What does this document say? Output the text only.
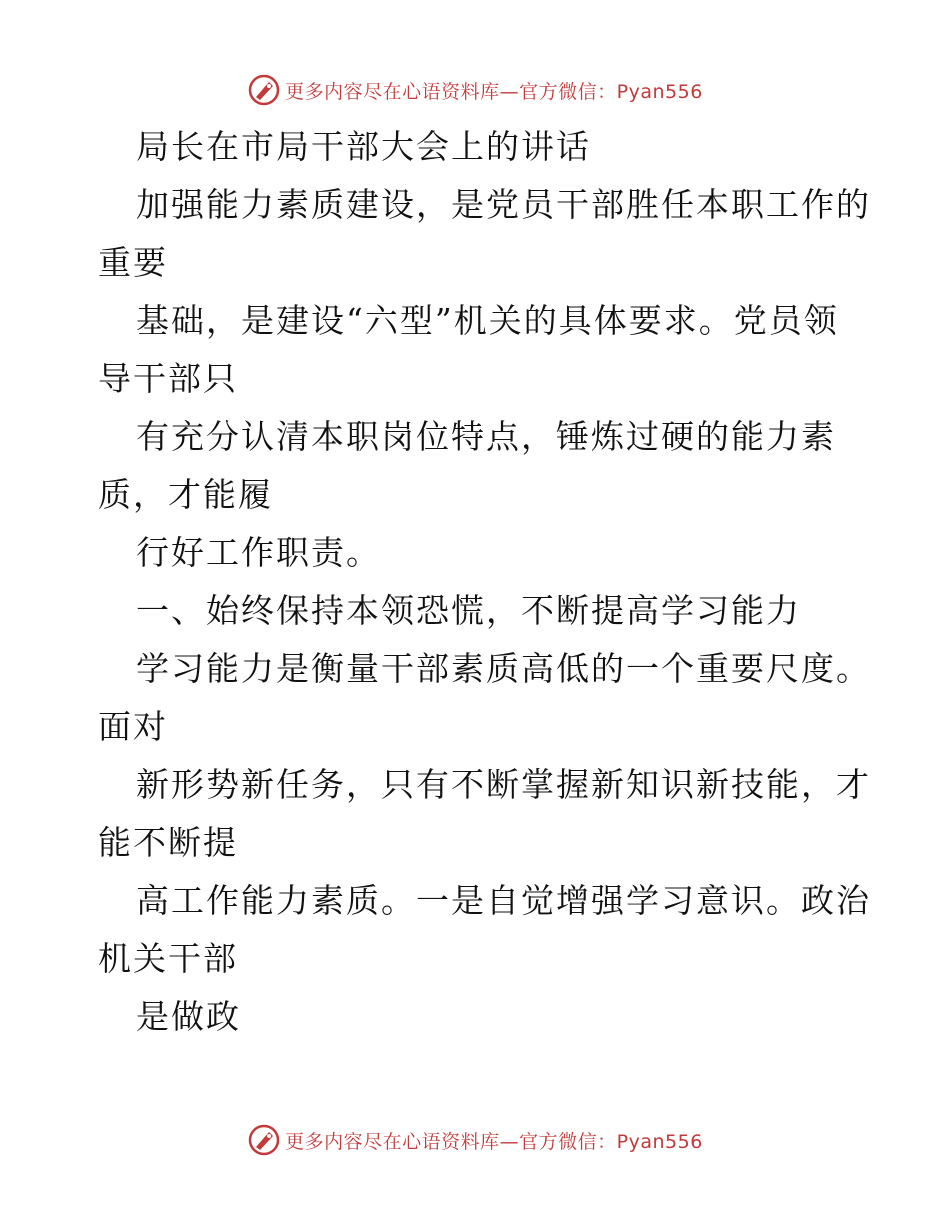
更多内容尽在心语资料库—官方微信：Pyan556
局长在市局干部大会上的讲话
加强能力素质建设，是党员干部胜任本职工作的
重要
基础，是建设“六型”机关的具体要求。党员领
导干部只
有充分认清本职岗位特点，锤炼过硬的能力素
质，才能履
行好工作职责。
一、始终保持本领恐慌，不断提高学习能力
学习能力是衡量干部素质高低的一个重要尺度。
面对
新形势新任务，只有不断掌握新知识新技能，才
能不断提
高工作能力素质。一是自觉增强学习意识。政治
机关干部
是做政
更多内容尽在心语资料库—官方微信：Pyan556
